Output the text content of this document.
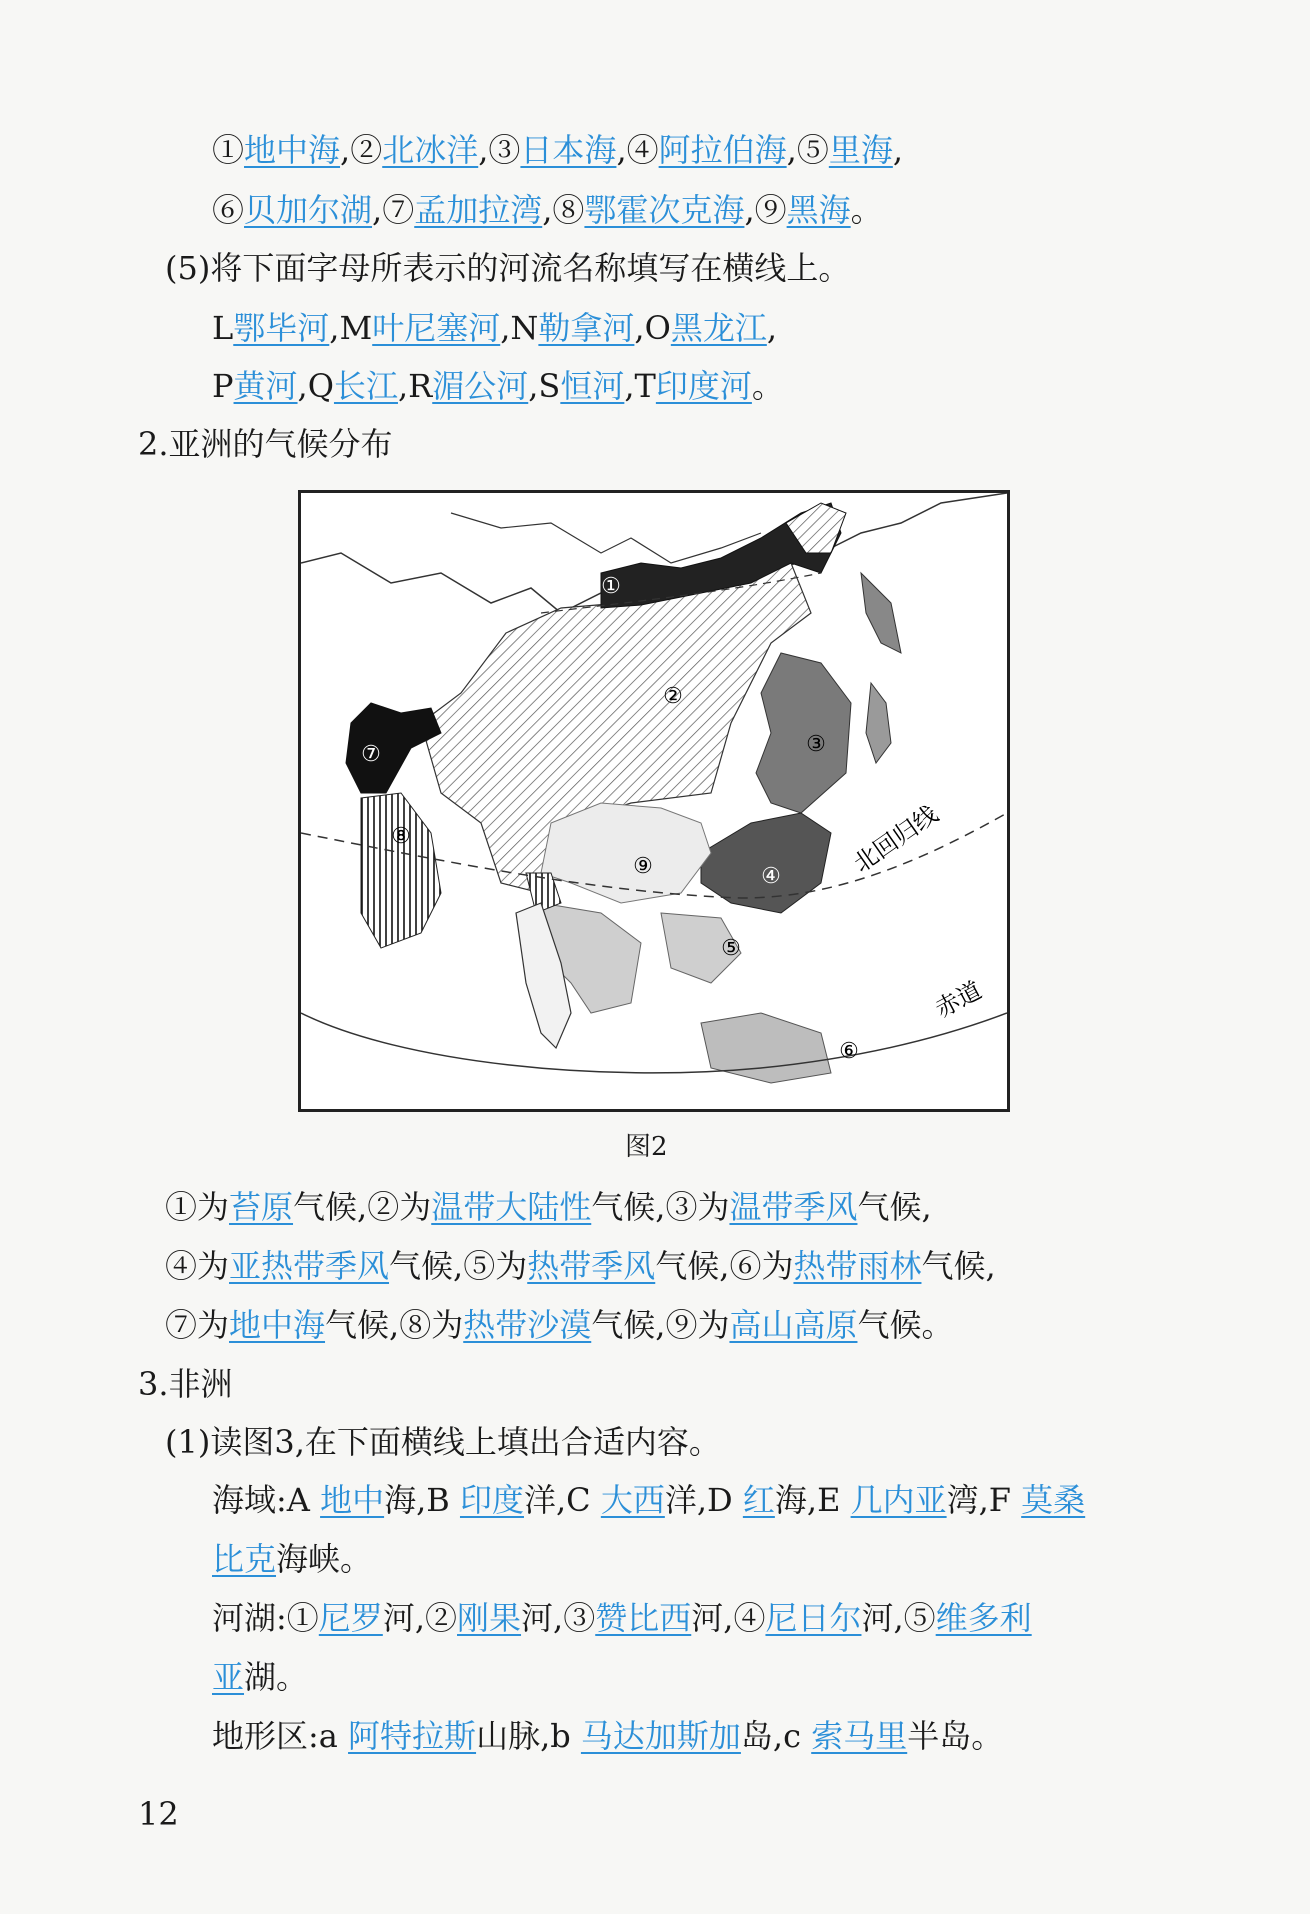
①地中海,②北冰洋,③日本海,④阿拉伯海,⑤里海,
⑥贝加尔湖,⑦孟加拉湾,⑧鄂霍次克海,⑨黑海。
(5)将下面字母所表示的河流名称填写在横线上。
L鄂毕河,M叶尼塞河,N勒拿河,O黑龙江,
P黄河,Q长江,R湄公河,S恒河,T印度河。
2.亚洲的气候分布
①
②
③
④
⑤
⑥
⑦
⑧
⑨	北回归线
赤道
图2
①为苔原气候,②为温带大陆性气候,③为温带季风气候,
④为亚热带季风气候,⑤为热带季风气候,⑥为热带雨林气候,
⑦为地中海气候,⑧为热带沙漠气候,⑨为高山高原气候。
3.非洲
(1)读图3,在下面横线上填出合适内容。
海域:A 地中海,B 印度洋,C 大西洋,D 红海,E 几内亚湾,F 莫桑
比克海峡。
河湖:①尼罗河,②刚果河,③赞比西河,④尼日尔河,⑤维多利
亚湖。
地形区:a 阿特拉斯山脉,b 马达加斯加岛,c 索马里半岛。
12
